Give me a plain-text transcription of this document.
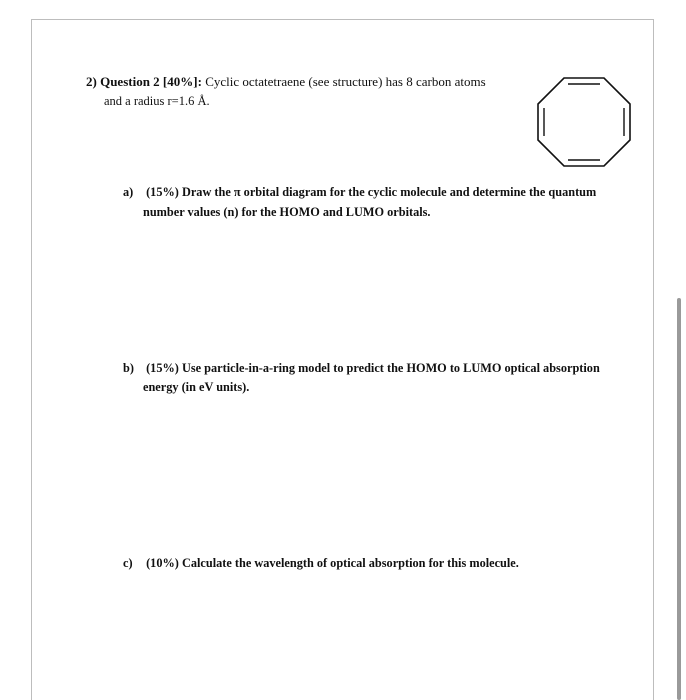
2) Question 2 [40%]: Cyclic octatetraene (see structure) has 8 carbon atoms
and a radius r=1.6 Å.
a) (15%) Draw the π orbital diagram for the cyclic molecule and determine the quantum
number values (n) for the HOMO and LUMO orbitals.
b) (15%) Use particle-in-a-ring model to predict the HOMO to LUMO optical absorption
energy (in eV units).
c) (10%) Calculate the wavelength of optical absorption for this molecule.
